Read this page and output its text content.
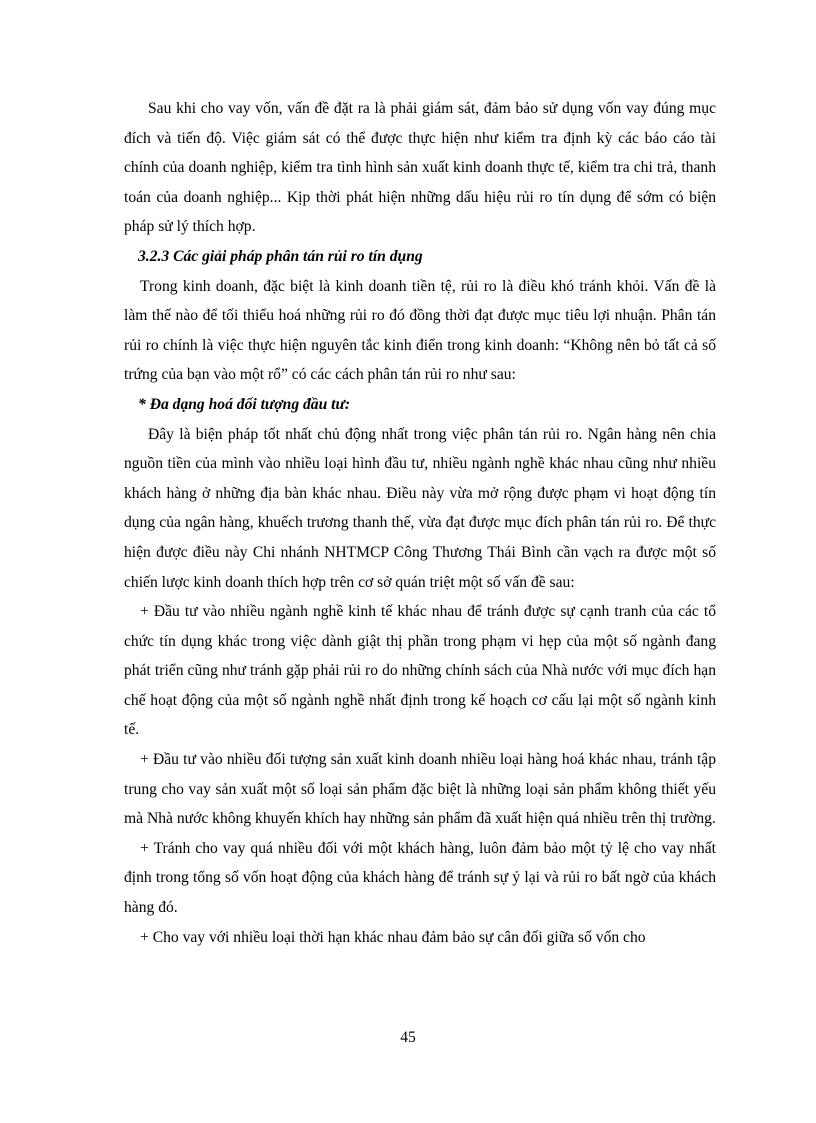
Sau khi cho vay vốn, vấn đề đặt ra là phải giám sát, đảm bảo sử dụng vốn vay đúng mục đích và tiến độ. Việc giám sát có thể được thực hiện như kiểm tra định kỳ các báo cáo tài chính của doanh nghiệp, kiểm tra tình hình sản xuất kinh doanh thực tế, kiểm tra chi trả, thanh toán của doanh nghiệp... Kịp thời phát hiện những dấu hiệu rủi ro tín dụng để sớm có biện pháp sử lý thích hợp.

3.2.3 Các giải pháp phân tán rủi ro tín dụng

Trong kinh doanh, đặc biệt là kinh doanh tiền tệ, rủi ro là điều khó tránh khỏi. Vấn đề là làm thế nào để tối thiểu hoá những rủi ro đó đồng thời đạt được mục tiêu lợi nhuận. Phân tán rủi ro chính là việc thực hiện nguyên tắc kinh điển trong kinh doanh: “Không nên bỏ tất cả số trứng của bạn vào một rổ” có các cách phân tán rủi ro như sau:

* Đa dạng hoá đối tượng đầu tư:

Đây là biện pháp tốt nhất chủ động nhất trong việc phân tán rủi ro. Ngân hàng nên chia nguồn tiền của mình vào nhiều loại hình đầu tư, nhiều ngành nghề khác nhau cũng như nhiều khách hàng ở những địa bàn khác nhau. Điều này vừa mở rộng được phạm vi hoạt động tín dụng của ngân hàng, khuếch trương thanh thế, vừa đạt được mục đích phân tán rủi ro. Để thực hiện được điều này Chi nhánh NHTMCP Công Thương Thái Bình cần vạch ra được một số chiến lược kinh doanh thích hợp trên cơ sở quán triệt một số vấn đề sau:

+ Đầu tư vào nhiều ngành nghề kinh tế khác nhau để tránh được sự cạnh tranh của các tổ chức tín dụng khác trong việc dành giật thị phần trong phạm vi hẹp của một số ngành đang phát triển cũng như tránh gặp phải rủi ro do những chính sách của Nhà nước với mục đích hạn chế hoạt động của một số ngành nghề nhất định trong kế hoạch cơ cấu lại một số ngành kinh tế.

+ Đầu tư vào nhiều đối tượng sản xuất kinh doanh nhiều loại hàng hoá khác nhau, tránh tập trung cho vay sản xuất một số loại sản phẩm đặc biệt là những loại sản phẩm không thiết yếu mà Nhà nước không khuyến khích hay những sản phẩm đã xuất hiện quá nhiều trên thị trường.

+ Tránh cho vay quá nhiều đối với một khách hàng, luôn đảm bảo một tỷ lệ cho vay nhất định trong tổng số vốn hoạt động của khách hàng để tránh sự ỷ lại và rủi ro bất ngờ của khách hàng đó.

+ Cho vay với nhiều loại thời hạn khác nhau đảm bảo sự cân đối giữa số vốn cho

45
